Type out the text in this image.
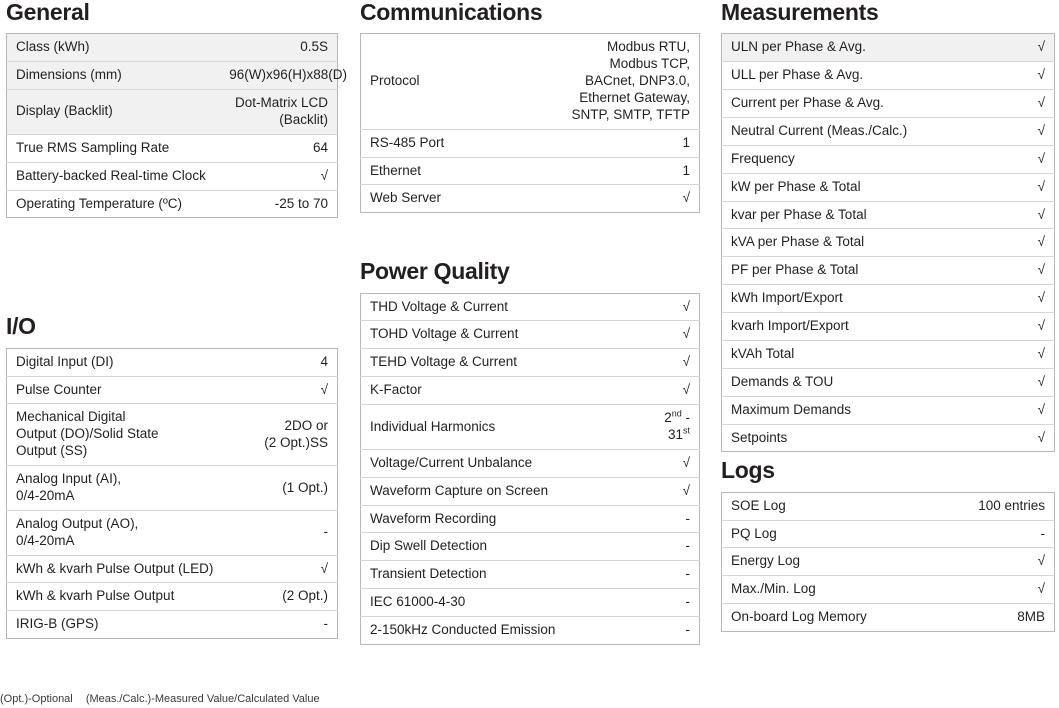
General
Class (kWh)	0.5S
Dimensions (mm)	96(W)x96(H)x88(D)
Display (Backlit)	Dot-Matrix LCD
(Backlit)
True RMS Sampling Rate	64
Battery-backed Real-time Clock	√
Operating Temperature (ºC)	-25 to 70
I/O
Digital Input (DI)	4
Pulse Counter	√
Mechanical Digital
Output (DO)/Solid State
Output (SS)	2DO or
(2 Opt.)SS
Analog Input (AI),
0/4-20mA	(1 Opt.)
Analog Output (AO),
0/4-20mA	-
kWh & kvarh Pulse Output (LED)	√
kWh & kvarh Pulse Output	(2 Opt.)
IRIG-B (GPS)	-
Communications
Protocol	Modbus RTU,
Modbus TCP,
BACnet, DNP3.0,
Ethernet Gateway,
SNTP, SMTP, TFTP
RS-485 Port	1
Ethernet	1
Web Server	√
Power Quality
THD Voltage & Current	√
TOHD Voltage & Current	√
TEHD Voltage & Current	√
K-Factor	√
Individual Harmonics	2nd - 31st
Voltage/Current Unbalance	√
Waveform Capture on Screen	√
Waveform Recording	-
Dip Swell Detection	-
Transient Detection	-
IEC 61000-4-30	-
2-150kHz Conducted Emission	-
Measurements
ULN per Phase & Avg.	√
ULL per Phase & Avg.	√
Current per Phase & Avg.	√
Neutral Current (Meas./Calc.)	√
Frequency	√
kW per Phase & Total	√
kvar per Phase & Total	√
kVA per Phase & Total	√
PF per Phase & Total	√
kWh Import/Export	√
kvarh Import/Export	√
kVAh Total	√
Demands & TOU	√
Maximum Demands	√
Setpoints	√
Logs
SOE Log	100 entries
PQ Log	-
Energy Log	√
Max./Min. Log	√
On-board Log Memory	8MB
(Opt.)-Optional (Meas./Calc.)-Measured Value/Calculated Value
